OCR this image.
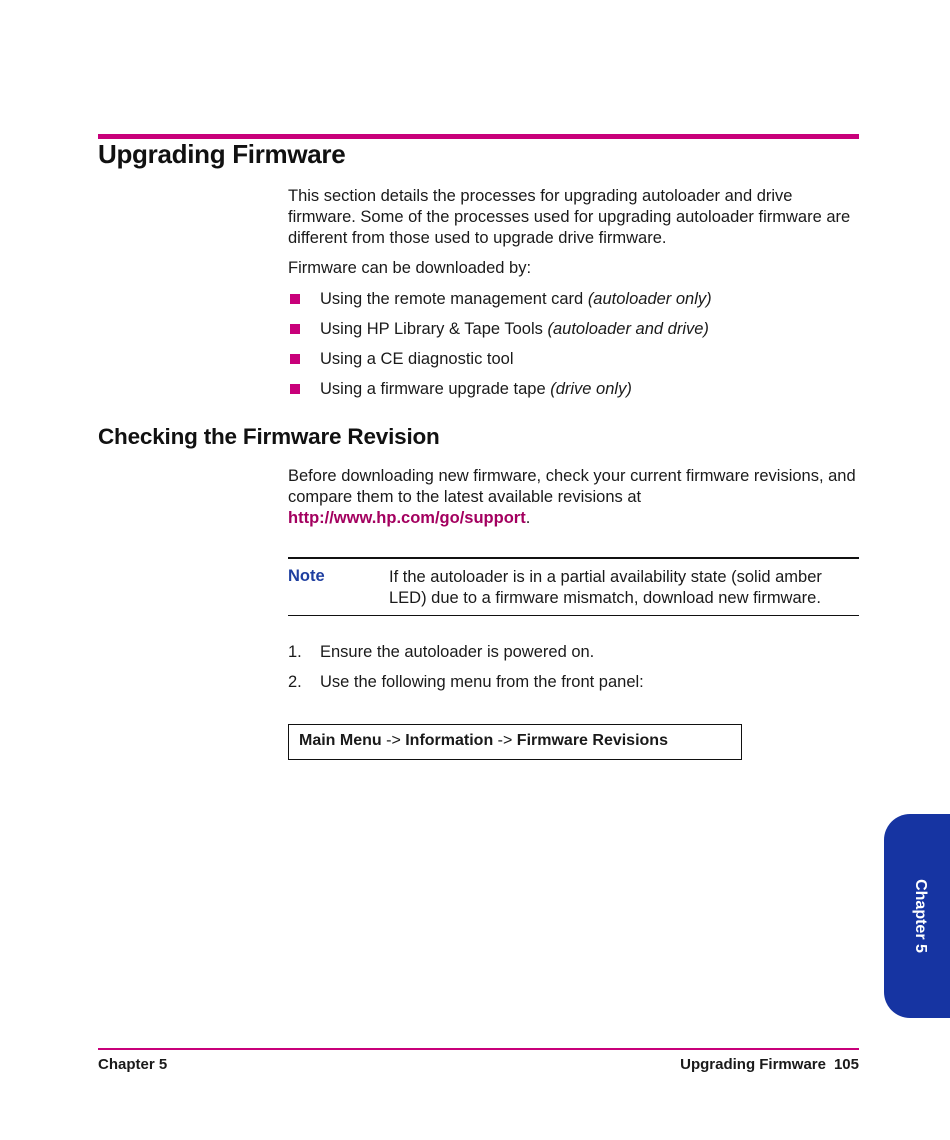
Upgrading Firmware

This section details the processes for upgrading autoloader and drive firmware. Some of the processes used for upgrading autoloader firmware are different from those used to upgrade drive firmware.

Firmware can be downloaded by:

Using the remote management card (autoloader only)
Using HP Library & Tape Tools (autoloader and drive)
Using a CE diagnostic tool
Using a firmware upgrade tape (drive only)
Checking the Firmware Revision

Before downloading new firmware, check your current firmware revisions, and compare them to the latest available revisions at http://www.hp.com/go/support.

Note	If the autoloader is in a partial availability state (solid amber LED) due to a firmware mismatch, download new firmware.
1. Ensure the autoloader is powered on.
2. Use the following menu from the front panel:
Main Menu -> Information -> Firmware Revisions
Chapter 5
Chapter 5	Upgrading Firmware 105
